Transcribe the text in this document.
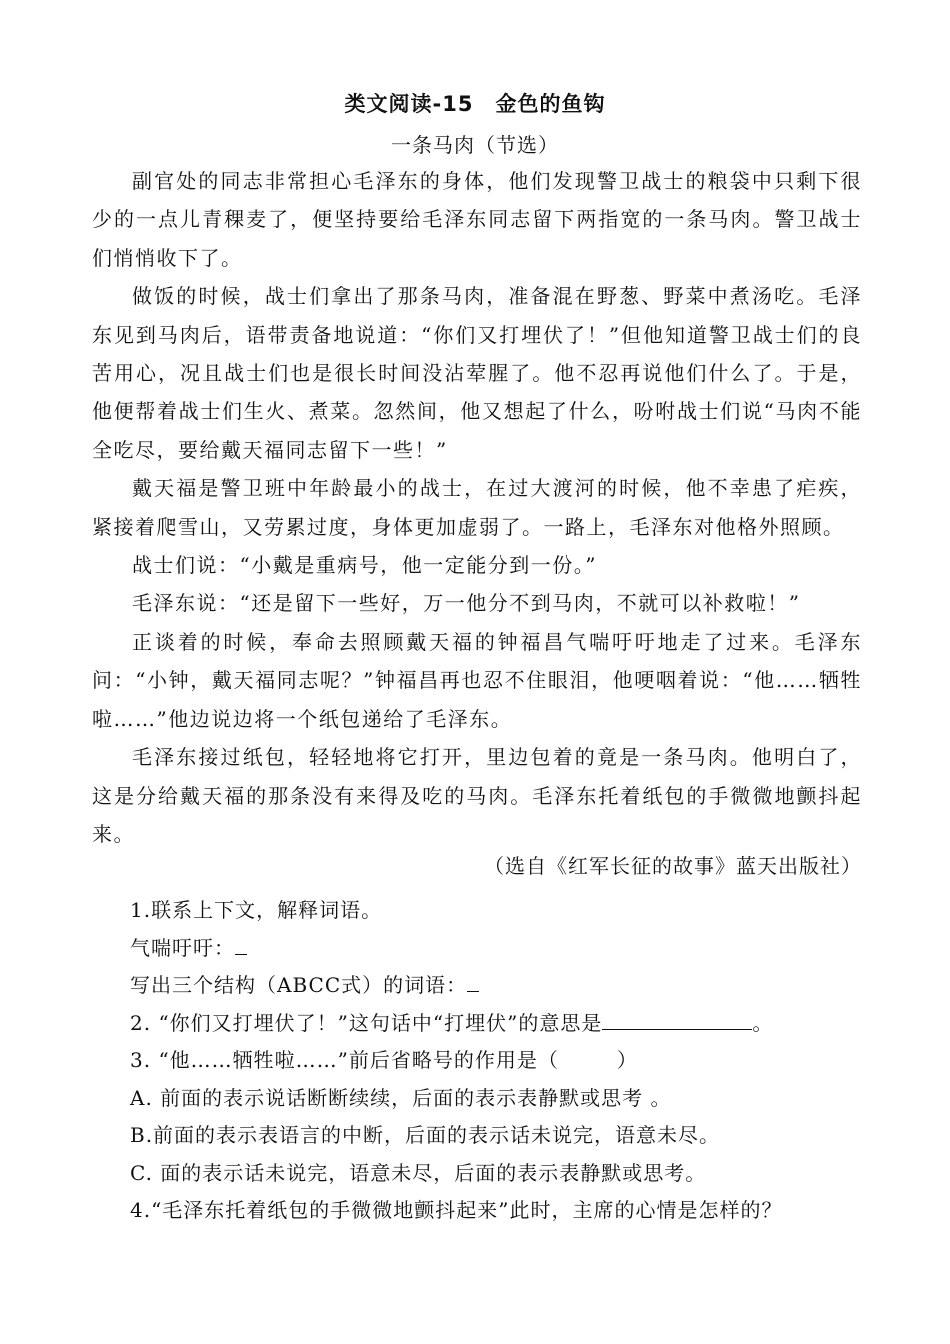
类文阅读-15　金色的鱼钩
一条马肉（节选）

副官处的同志非常担心毛泽东的身体，他们发现警卫战士的粮袋中只剩下很少的一点儿青稞麦了，便坚持要给毛泽东同志留下两指宽的一条马肉。警卫战士们悄悄收下了。

做饭的时候，战士们拿出了那条马肉，准备混在野葱、野菜中煮汤吃。毛泽东见到马肉后，语带责备地说道：“你们又打埋伏了！”但他知道警卫战士们的良苦用心，况且战士们也是很长时间没沾荤腥了。他不忍再说他们什么了。于是，他便帮着战士们生火、煮菜。忽然间，他又想起了什么，吩咐战士们说“马肉不能全吃尽，要给戴天福同志留下一些！”

戴天福是警卫班中年龄最小的战士，在过大渡河的时候，他不幸患了疟疾，紧接着爬雪山，又劳累过度，身体更加虚弱了。一路上，毛泽东对他格外照顾。

战士们说：“小戴是重病号，他一定能分到一份。”

毛泽东说：“还是留下一些好，万一他分不到马肉，不就可以补救啦！”

正谈着的时候，奉命去照顾戴天福的钟福昌气喘吁吁地走了过来。毛泽东问：“小钟，戴天福同志呢？”钟福昌再也忍不住眼泪，他哽咽着说：“他……牺牲啦……”他边说边将一个纸包递给了毛泽东。

毛泽东接过纸包，轻轻地将它打开，里边包着的竟是一条马肉。他明白了，这是分给戴天福的那条没有来得及吃的马肉。毛泽东托着纸包的手微微地颤抖起来。

（选自《红军长征的故事》蓝天出版社）

1.联系上下文，解释词语。

气喘吁吁：

写出三个结构（ABCC式）的词语：

2. “你们又打埋伏了！”这句话中“打埋伏”的意思是	。

3. “他……牺牲啦……”前后省略号的作用是（	）

A. 前面的表示说话断断续续，后面的表示表静默或思考 。

B.前面的表示表语言的中断，后面的表示话未说完，语意未尽。

C. 面的表示话未说完，语意未尽，后面的表示表静默或思考。

4.“毛泽东托着纸包的手微微地颤抖起来”此时，主席的心情是怎样的？
